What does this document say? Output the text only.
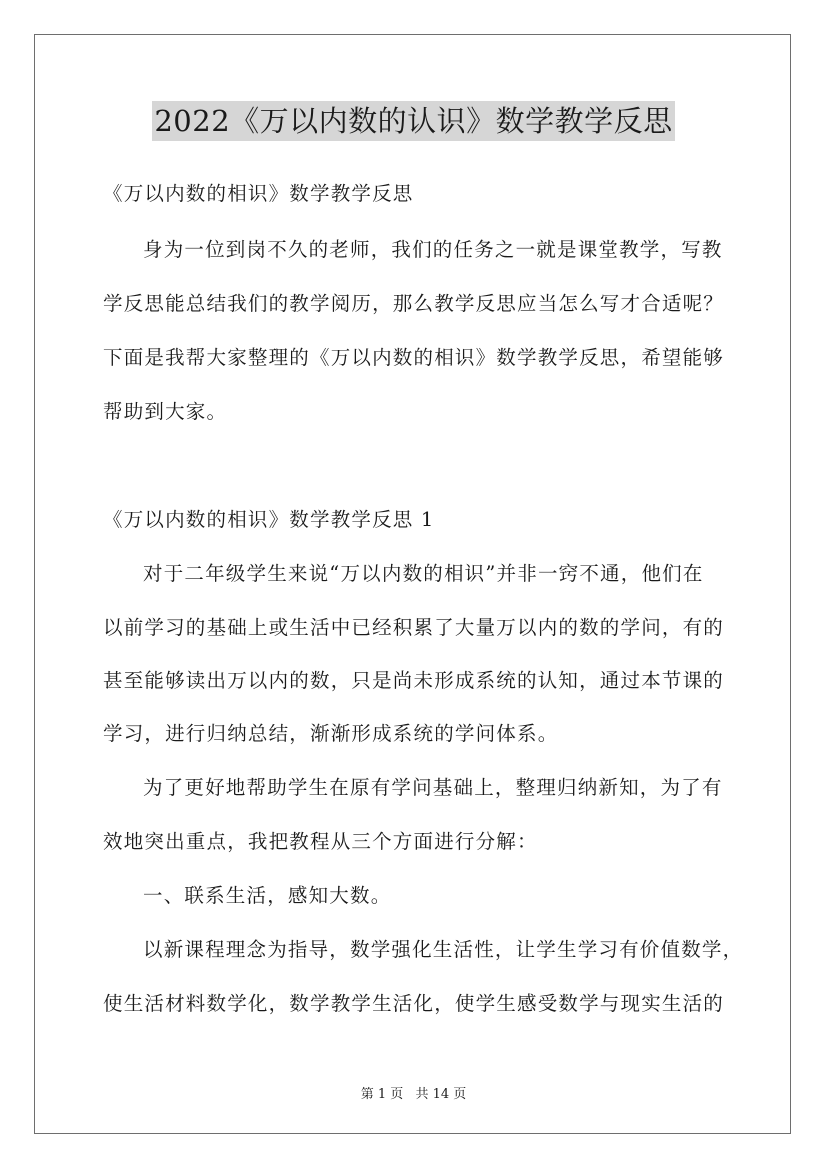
2022《万以内数的认识》数学教学反思
《万以内数的相识》数学教学反思
身为一位到岗不久的老师，我们的任务之一就是课堂教学，写教
学反思能总结我们的教学阅历，那么教学反思应当怎么写才合适呢？
下面是我帮大家整理的《万以内数的相识》数学教学反思，希望能够
帮助到大家。
《万以内数的相识》数学教学反思 1
对于二年级学生来说“万以内数的相识”并非一窍不通，他们在
以前学习的基础上或生活中已经积累了大量万以内的数的学问，有的
甚至能够读出万以内的数，只是尚未形成系统的认知，通过本节课的
学习，进行归纳总结，渐渐形成系统的学问体系。
为了更好地帮助学生在原有学问基础上，整理归纳新知，为了有
效地突出重点，我把教程从三个方面进行分解：
一、联系生活，感知大数。
以新课程理念为指导，数学强化生活性，让学生学习有价值数学，
使生活材料数学化，数学教学生活化，使学生感受数学与现实生活的
第 1 页 共 14 页
